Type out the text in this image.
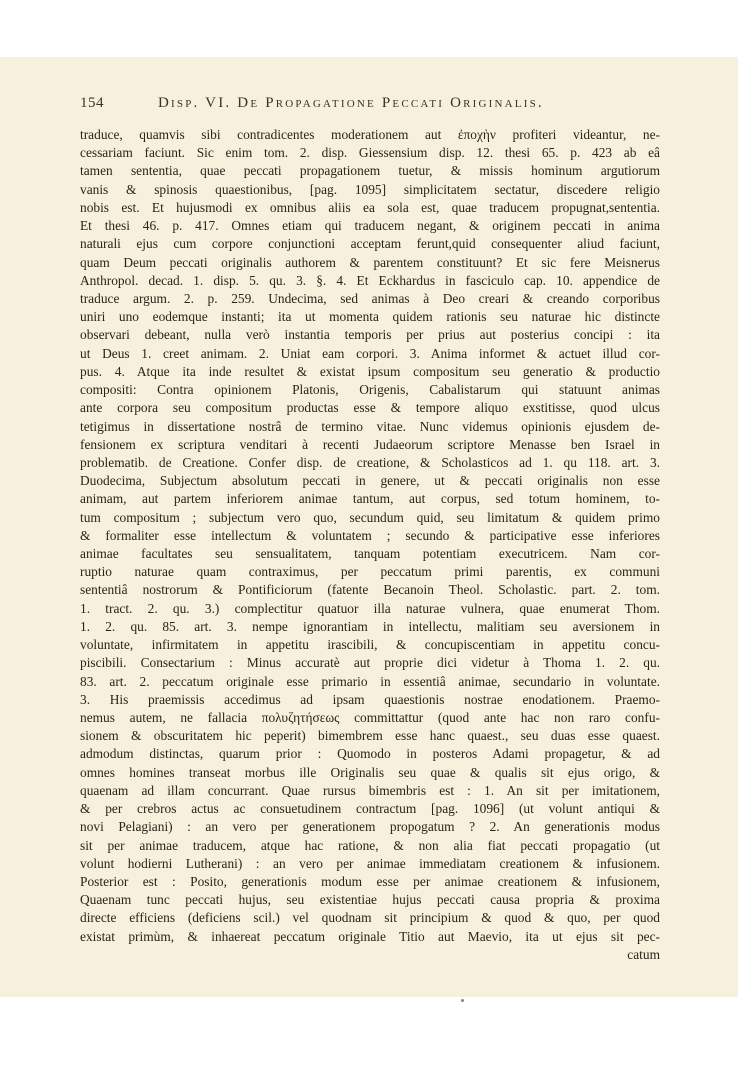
154	Disp. VI. De Propagatione Peccati Originalis.
traduce, quamvis sibi contradicentes moderationem aut ἐποχὴν profiteri videantur, ne-
cessariam faciunt. Sic enim tom. 2. disp. Giessensium disp. 12. thesi 65. p. 423 ab eâ
tamen sententia, quae peccati propagationem tuetur, & missis hominum argutiorum
vanis & spinosis quaestionibus, [pag. 1095] simplicitatem sectatur, discedere religio
nobis est. Et hujusmodi ex omnibus aliis ea sola est, quae traducem propugnat,sententia.
Et thesi 46. p. 417. Omnes etiam qui traducem negant, & originem peccati in anima
naturali ejus cum corpore conjunctioni acceptam ferunt,quid consequenter aliud faciunt,
quam Deum peccati originalis authorem & parentem constituunt? Et sic fere Meisnerus
Anthropol. decad. 1. disp. 5. qu. 3. §. 4. Et Eckhardus in fasciculo cap. 10. appendice de
traduce argum. 2. p. 259. Undecima, sed animas à Deo creari & creando corporibus
uniri uno eodemque instanti; ita ut momenta quidem rationis seu naturae hic distincte
observari debeant, nulla verò instantia temporis per prius aut posterius concipi : ita
ut Deus 1. creet animam. 2. Uniat eam corpori. 3. Anima informet & actuet illud cor-
pus. 4. Atque ita inde resultet & existat ipsum compositum seu generatio & productio
compositi: Contra opinionem Platonis, Origenis, Cabalistarum qui statuunt animas
ante corpora seu compositum productas esse & tempore aliquo exstitisse, quod ulcus
tetigimus in dissertatione nostrâ de termino vitae. Nunc videmus opinionis ejusdem de-
fensionem ex scriptura venditari à recenti Judaeorum scriptore Menasse ben Israel in
problematib. de Creatione. Confer disp. de creatione, & Scholasticos ad 1. qu 118. art. 3.
Duodecima, Subjectum absolutum peccati in genere, ut & peccati originalis non esse
animam, aut partem inferiorem animae tantum, aut corpus, sed totum hominem, to-
tum compositum ; subjectum vero quo, secundum quid, seu limitatum & quidem primo
& formaliter esse intellectum & voluntatem ; secundo & participative esse inferiores
animae facultates seu sensualitatem, tanquam potentiam executricem. Nam cor-
ruptio naturae quam contraximus, per peccatum primi parentis, ex communi
sententiâ nostrorum & Pontificiorum (fatente Becanoin Theol. Scholastic. part. 2. tom.
1. tract. 2. qu. 3.) complectitur quatuor illa naturae vulnera, quae enumerat Thom.
1. 2. qu. 85. art. 3. nempe ignorantiam in intellectu, malitiam seu aversionem in
voluntate, infirmitatem in appetitu irascibili, & concupiscentiam in appetitu concu-
piscibili. Consectarium : Minus accuratè aut proprie dici videtur à Thoma 1. 2. qu.
83. art. 2. peccatum originale esse primario in essentiâ animae, secundario in voluntate.
3. His praemissis accedimus ad ipsam quaestionis nostrae enodationem. Praemo-
nemus autem, ne fallacia πολυζητήσεως committattur (quod ante hac non raro confu-
sionem & obscuritatem hic peperit) bimembrem esse hanc quaest., seu duas esse quaest.
admodum distinctas, quarum prior : Quomodo in posteros Adami propagetur, & ad
omnes homines transeat morbus ille Originalis seu quae & qualis sit ejus origo, &
quaenam ad illam concurrant. Quae rursus bimembris est : 1. An sit per imitationem,
& per crebros actus ac consuetudinem contractum [pag. 1096] (ut volunt antiqui &
novi Pelagiani) : an vero per generationem propogatum ? 2. An generationis modus
sit per animae traducem, atque hac ratione, & non alia fiat peccati propagatio (ut
volunt hodierni Lutherani) : an vero per animae immediatam creationem & infusionem.
Posterior est : Posito, generationis modum esse per animae creationem & infusionem,
Quaenam tunc peccati hujus, seu existentiae hujus peccati causa propria & proxima
directe efficiens (deficiens scil.) vel quodnam sit principium & quod & quo, per quod
existat primùm, & inhaereat peccatum originale Titio aut Maevio, ita ut ejus sit pec-
catum
